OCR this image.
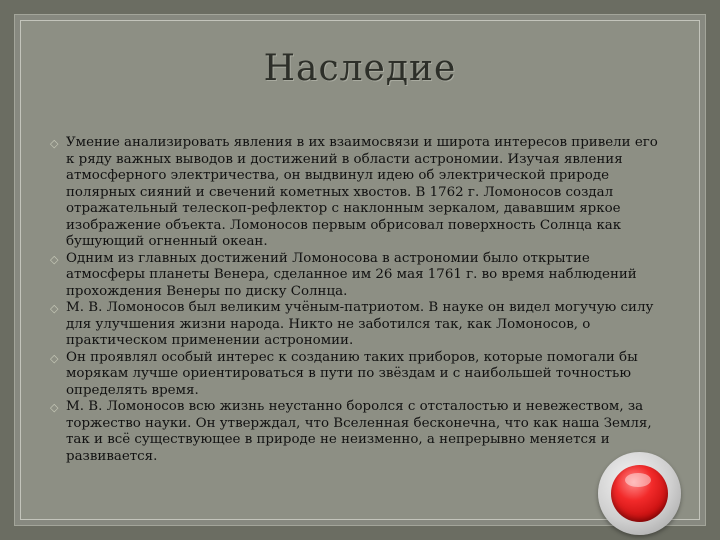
Наследие
◇ Умение анализировать явления в их взаимосвязи и широта интересов привели его к ряду важных выводов и достижений в области астрономии. Изучая явления атмосферного электричества, он выдвинул идею об электрической природе полярных сияний и свечений кометных хвостов. В 1762 г. Ломоносов создал отражательный телескоп-рефлектор с наклонным зеркалом, дававшим яркое изображение объекта. Ломоносов первым обрисовал поверхность Солнца как бушующий огненный океан.
◇ Одним из главных достижений Ломоносова в астрономии было открытие атмосферы планеты Венера, сделанное им 26 мая 1761 г. во время наблюдений прохождения Венеры по диску Солнца.
◇ М. В. Ломоносов был великим учёным-патриотом. В науке он видел могучую силу для улучшения жизни народа. Никто не заботился так, как Ломоносов, о практическом применении астрономии.
◇ Он проявлял особый интерес к созданию таких приборов, которые помогали бы морякам лучше ориентироваться в пути по звёздам и с наибольшей точностью определять время.
◇ М. В. Ломоносов всю жизнь неустанно боролся с отсталостью и невежеством, за торжество науки. Он утверждал, что Вселенная бесконечна, что как наша Земля, так и всё существующее в природе не неизменно, а непрерывно меняется и развивается.
